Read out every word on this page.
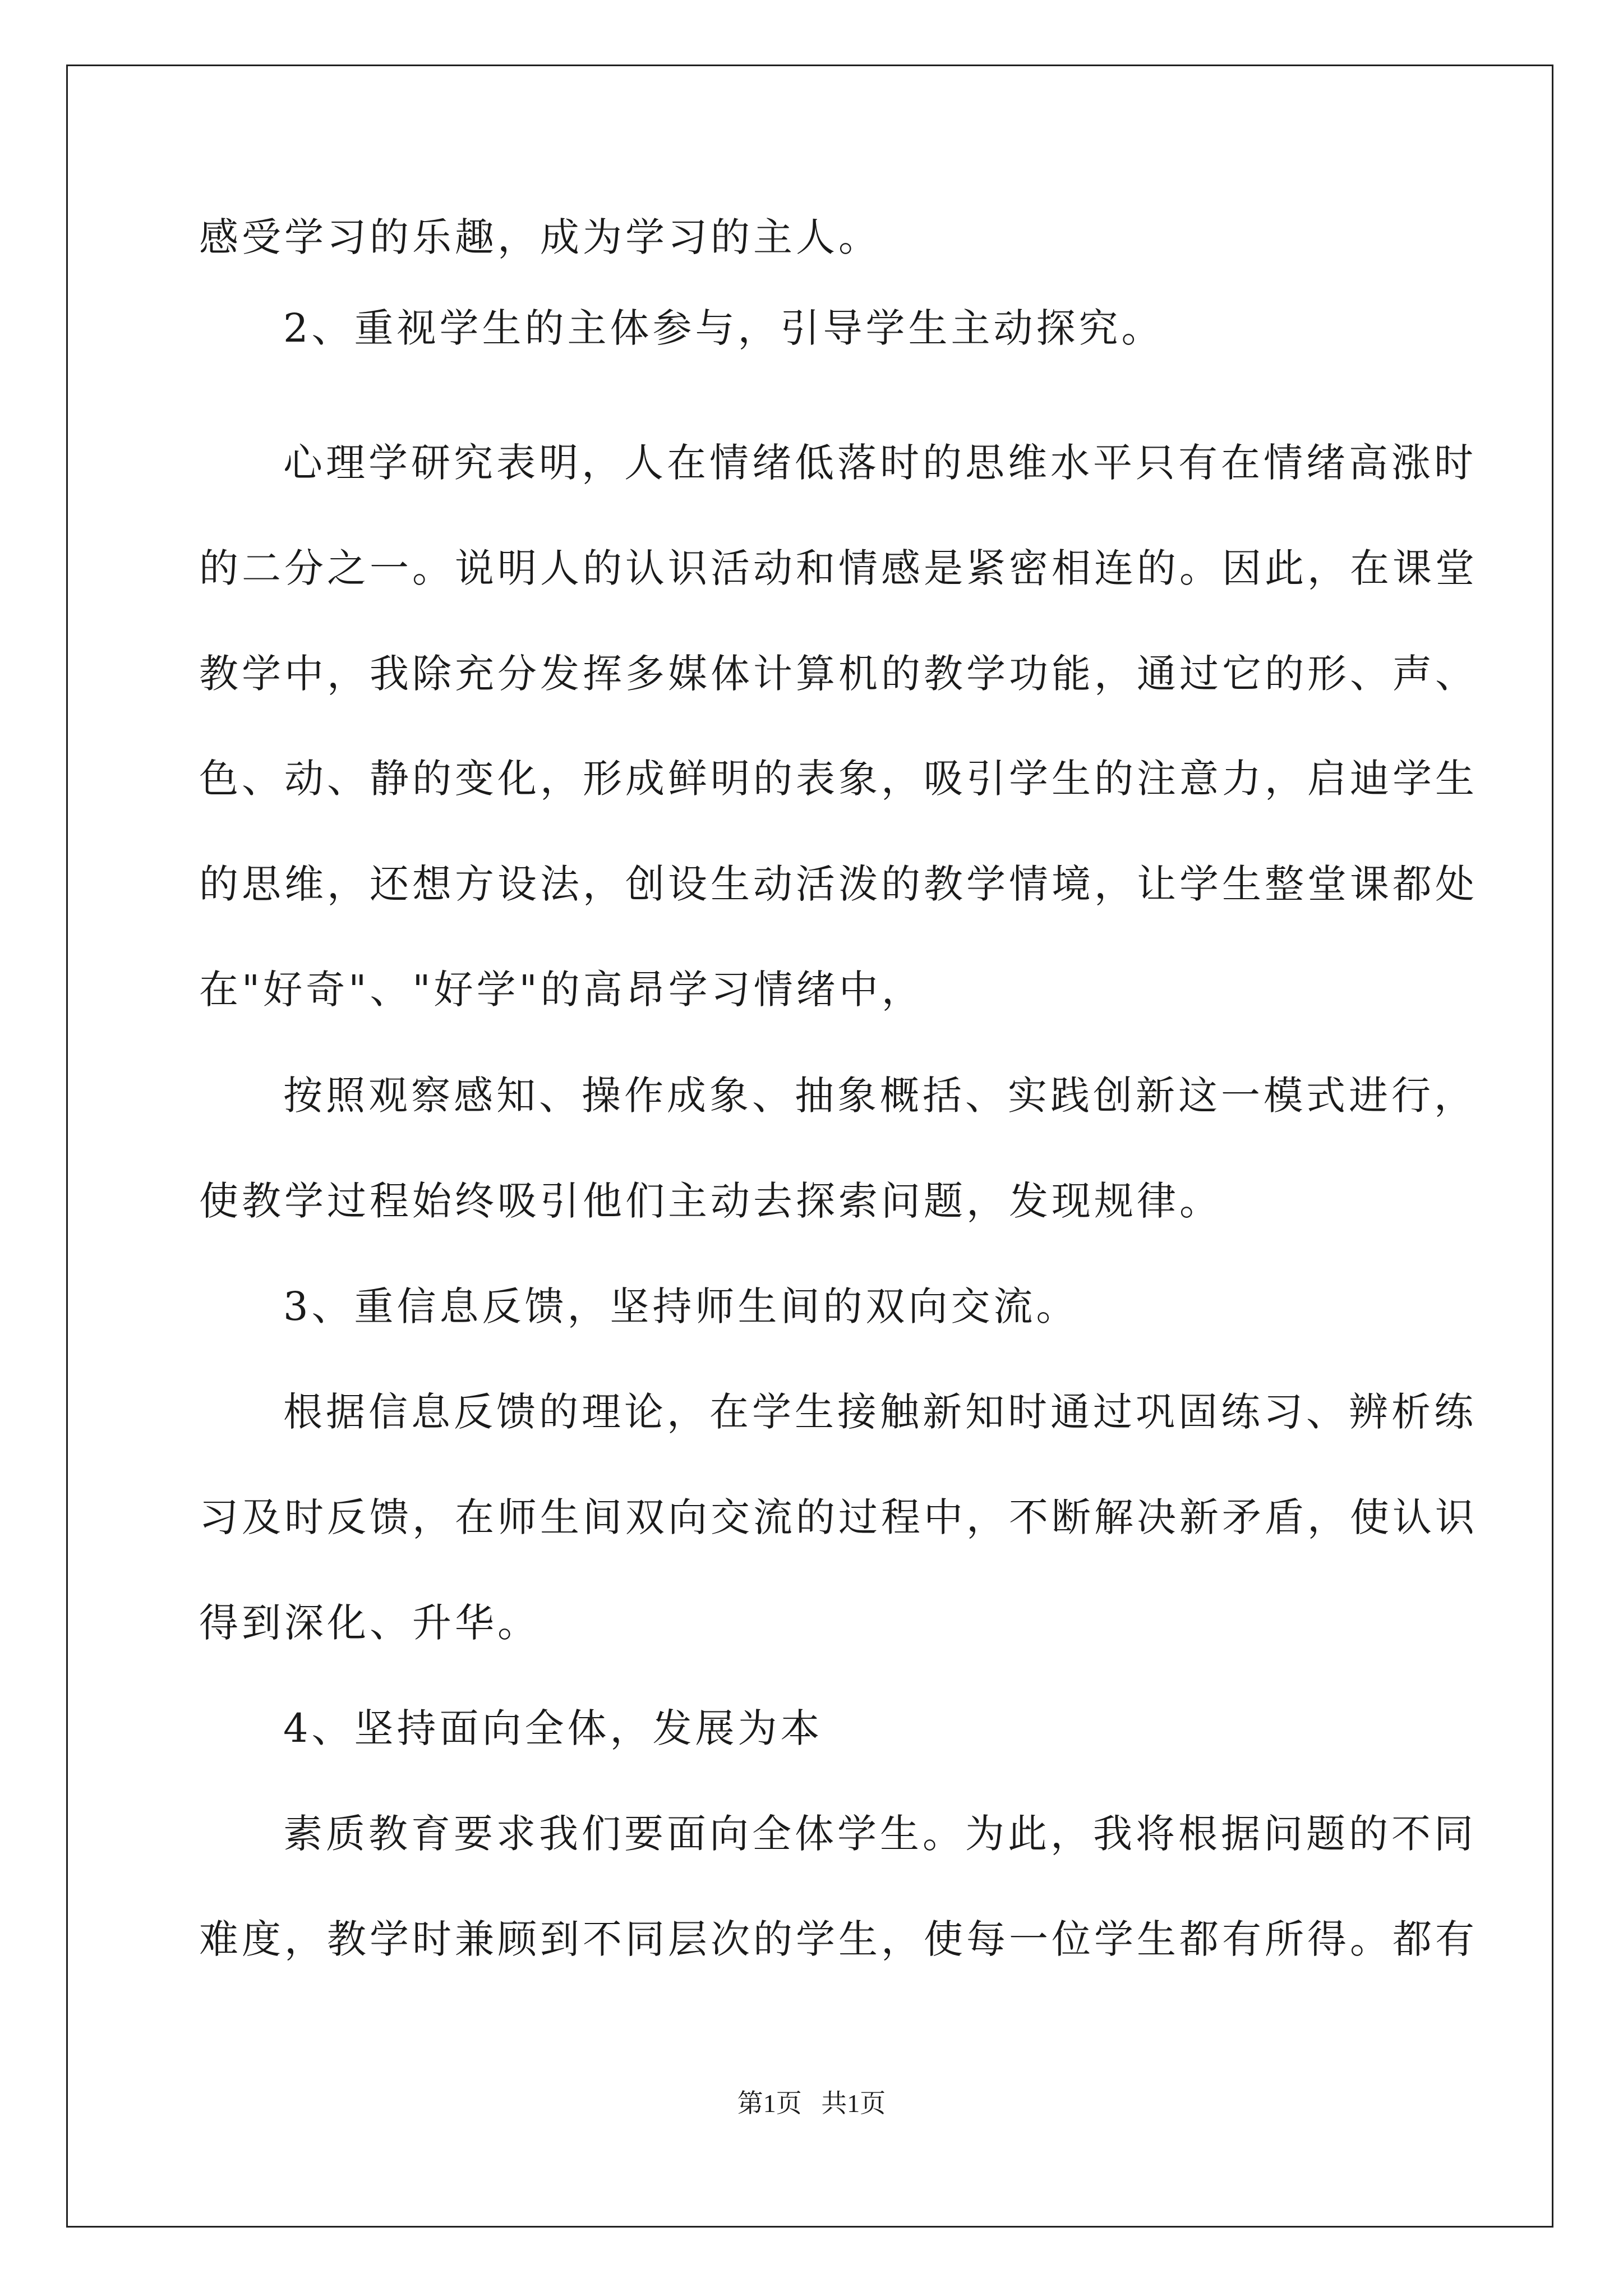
感受学习的乐趣，成为学习的主人。
2、重视学生的主体参与，引导学生主动探究。
心理学研究表明，人在情绪低落时的思维水平只有在情绪高涨时
的二分之一。说明人的认识活动和情感是紧密相连的。因此，在课堂
教学中，我除充分发挥多媒体计算机的教学功能，通过它的形、声、
色、动、静的变化，形成鲜明的表象，吸引学生的注意力，启迪学生
的思维，还想方设法，创设生动活泼的教学情境，让学生整堂课都处
在"好奇"、"好学"的高昂学习情绪中，
按照观察感知、操作成象、抽象概括、实践创新这一模式进行，
使教学过程始终吸引他们主动去探索问题，发现规律。
3、重信息反馈，坚持师生间的双向交流。
根据信息反馈的理论，在学生接触新知时通过巩固练习、辨析练
习及时反馈，在师生间双向交流的过程中，不断解决新矛盾，使认识
得到深化、升华。
4、坚持面向全体，发展为本
素质教育要求我们要面向全体学生。为此，我将根据问题的不同
难度，教学时兼顾到不同层次的学生，使每一位学生都有所得。都有
第1页   共1页
